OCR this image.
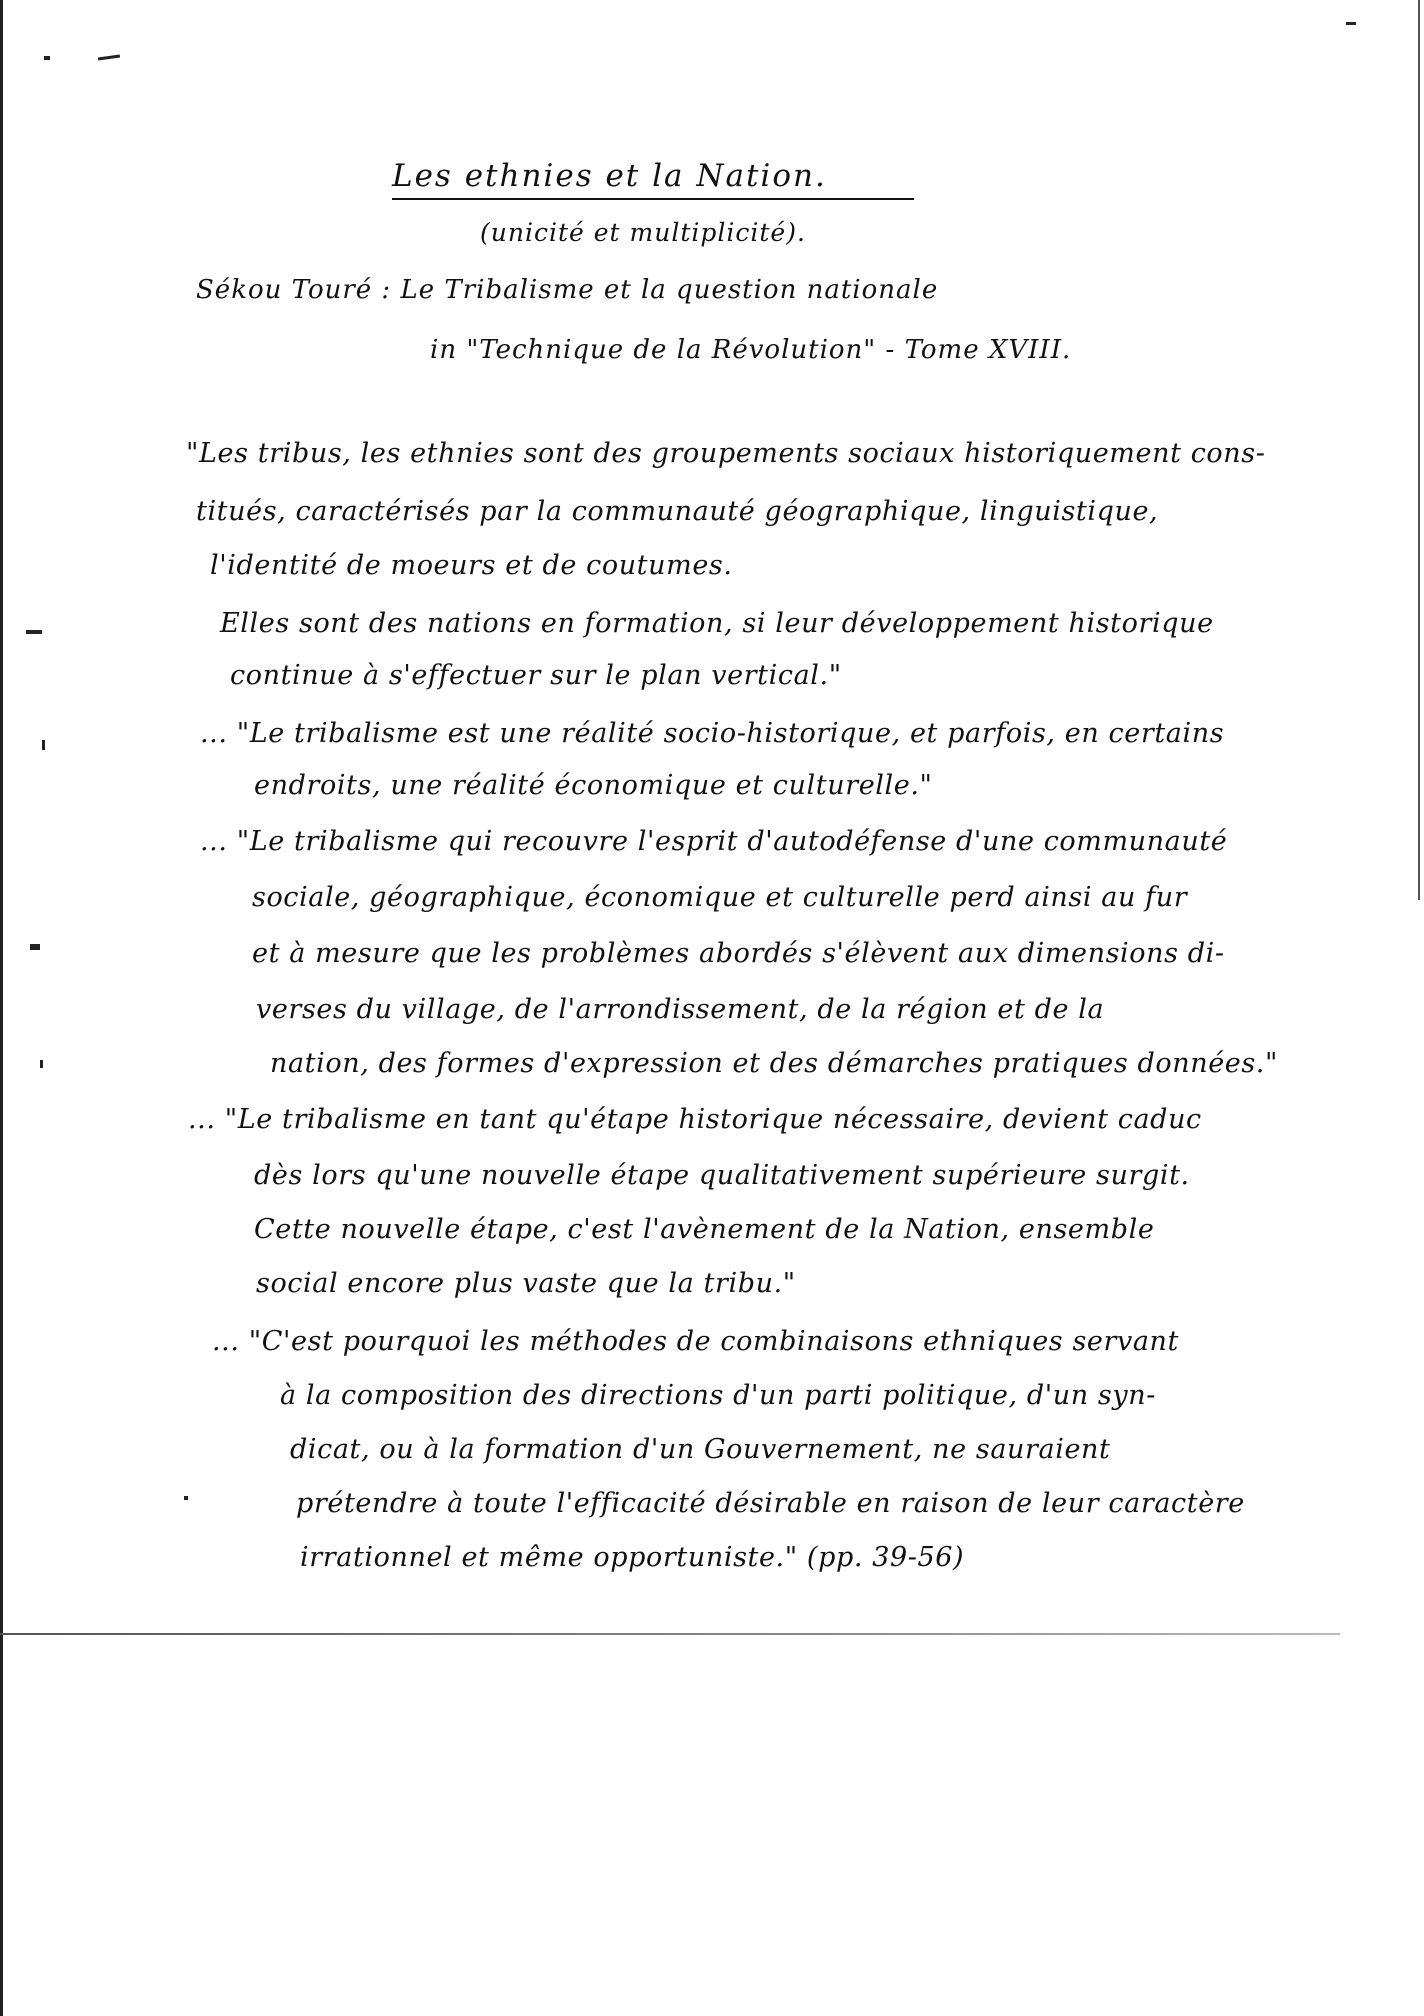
Les ethnies et la Nation.
(unicité et multiplicité).
Sékou Touré : Le Tribalisme et la question nationale
in "Technique de la Révolution" - Tome XVIII.
"Les tribus, les ethnies sont des groupements sociaux historiquement cons-
titués, caractérisés par la communauté géographique, linguistique,
l'identité de moeurs et de coutumes.
Elles sont des nations en formation, si leur développement historique
continue à s'effectuer sur le plan vertical."
... "Le tribalisme est une réalité socio-historique, et parfois, en certains
endroits, une réalité économique et culturelle."
... "Le tribalisme qui recouvre l'esprit d'autodéfense d'une communauté
sociale, géographique, économique et culturelle perd ainsi au fur
et à mesure que les problèmes abordés s'élèvent aux dimensions di-
verses du village, de l'arrondissement, de la région et de la
nation, des formes d'expression et des démarches pratiques données."
... "Le tribalisme en tant qu'étape historique nécessaire, devient caduc
dès lors qu'une nouvelle étape qualitativement supérieure surgit.
Cette nouvelle étape, c'est l'avènement de la Nation, ensemble
social encore plus vaste que la tribu."
... "C'est pourquoi les méthodes de combinaisons ethniques servant
à la composition des directions d'un parti politique, d'un syn-
dicat, ou à la formation d'un Gouvernement, ne sauraient
prétendre à toute l'efficacité désirable en raison de leur caractère
irrationnel et même opportuniste." (pp. 39-56)
